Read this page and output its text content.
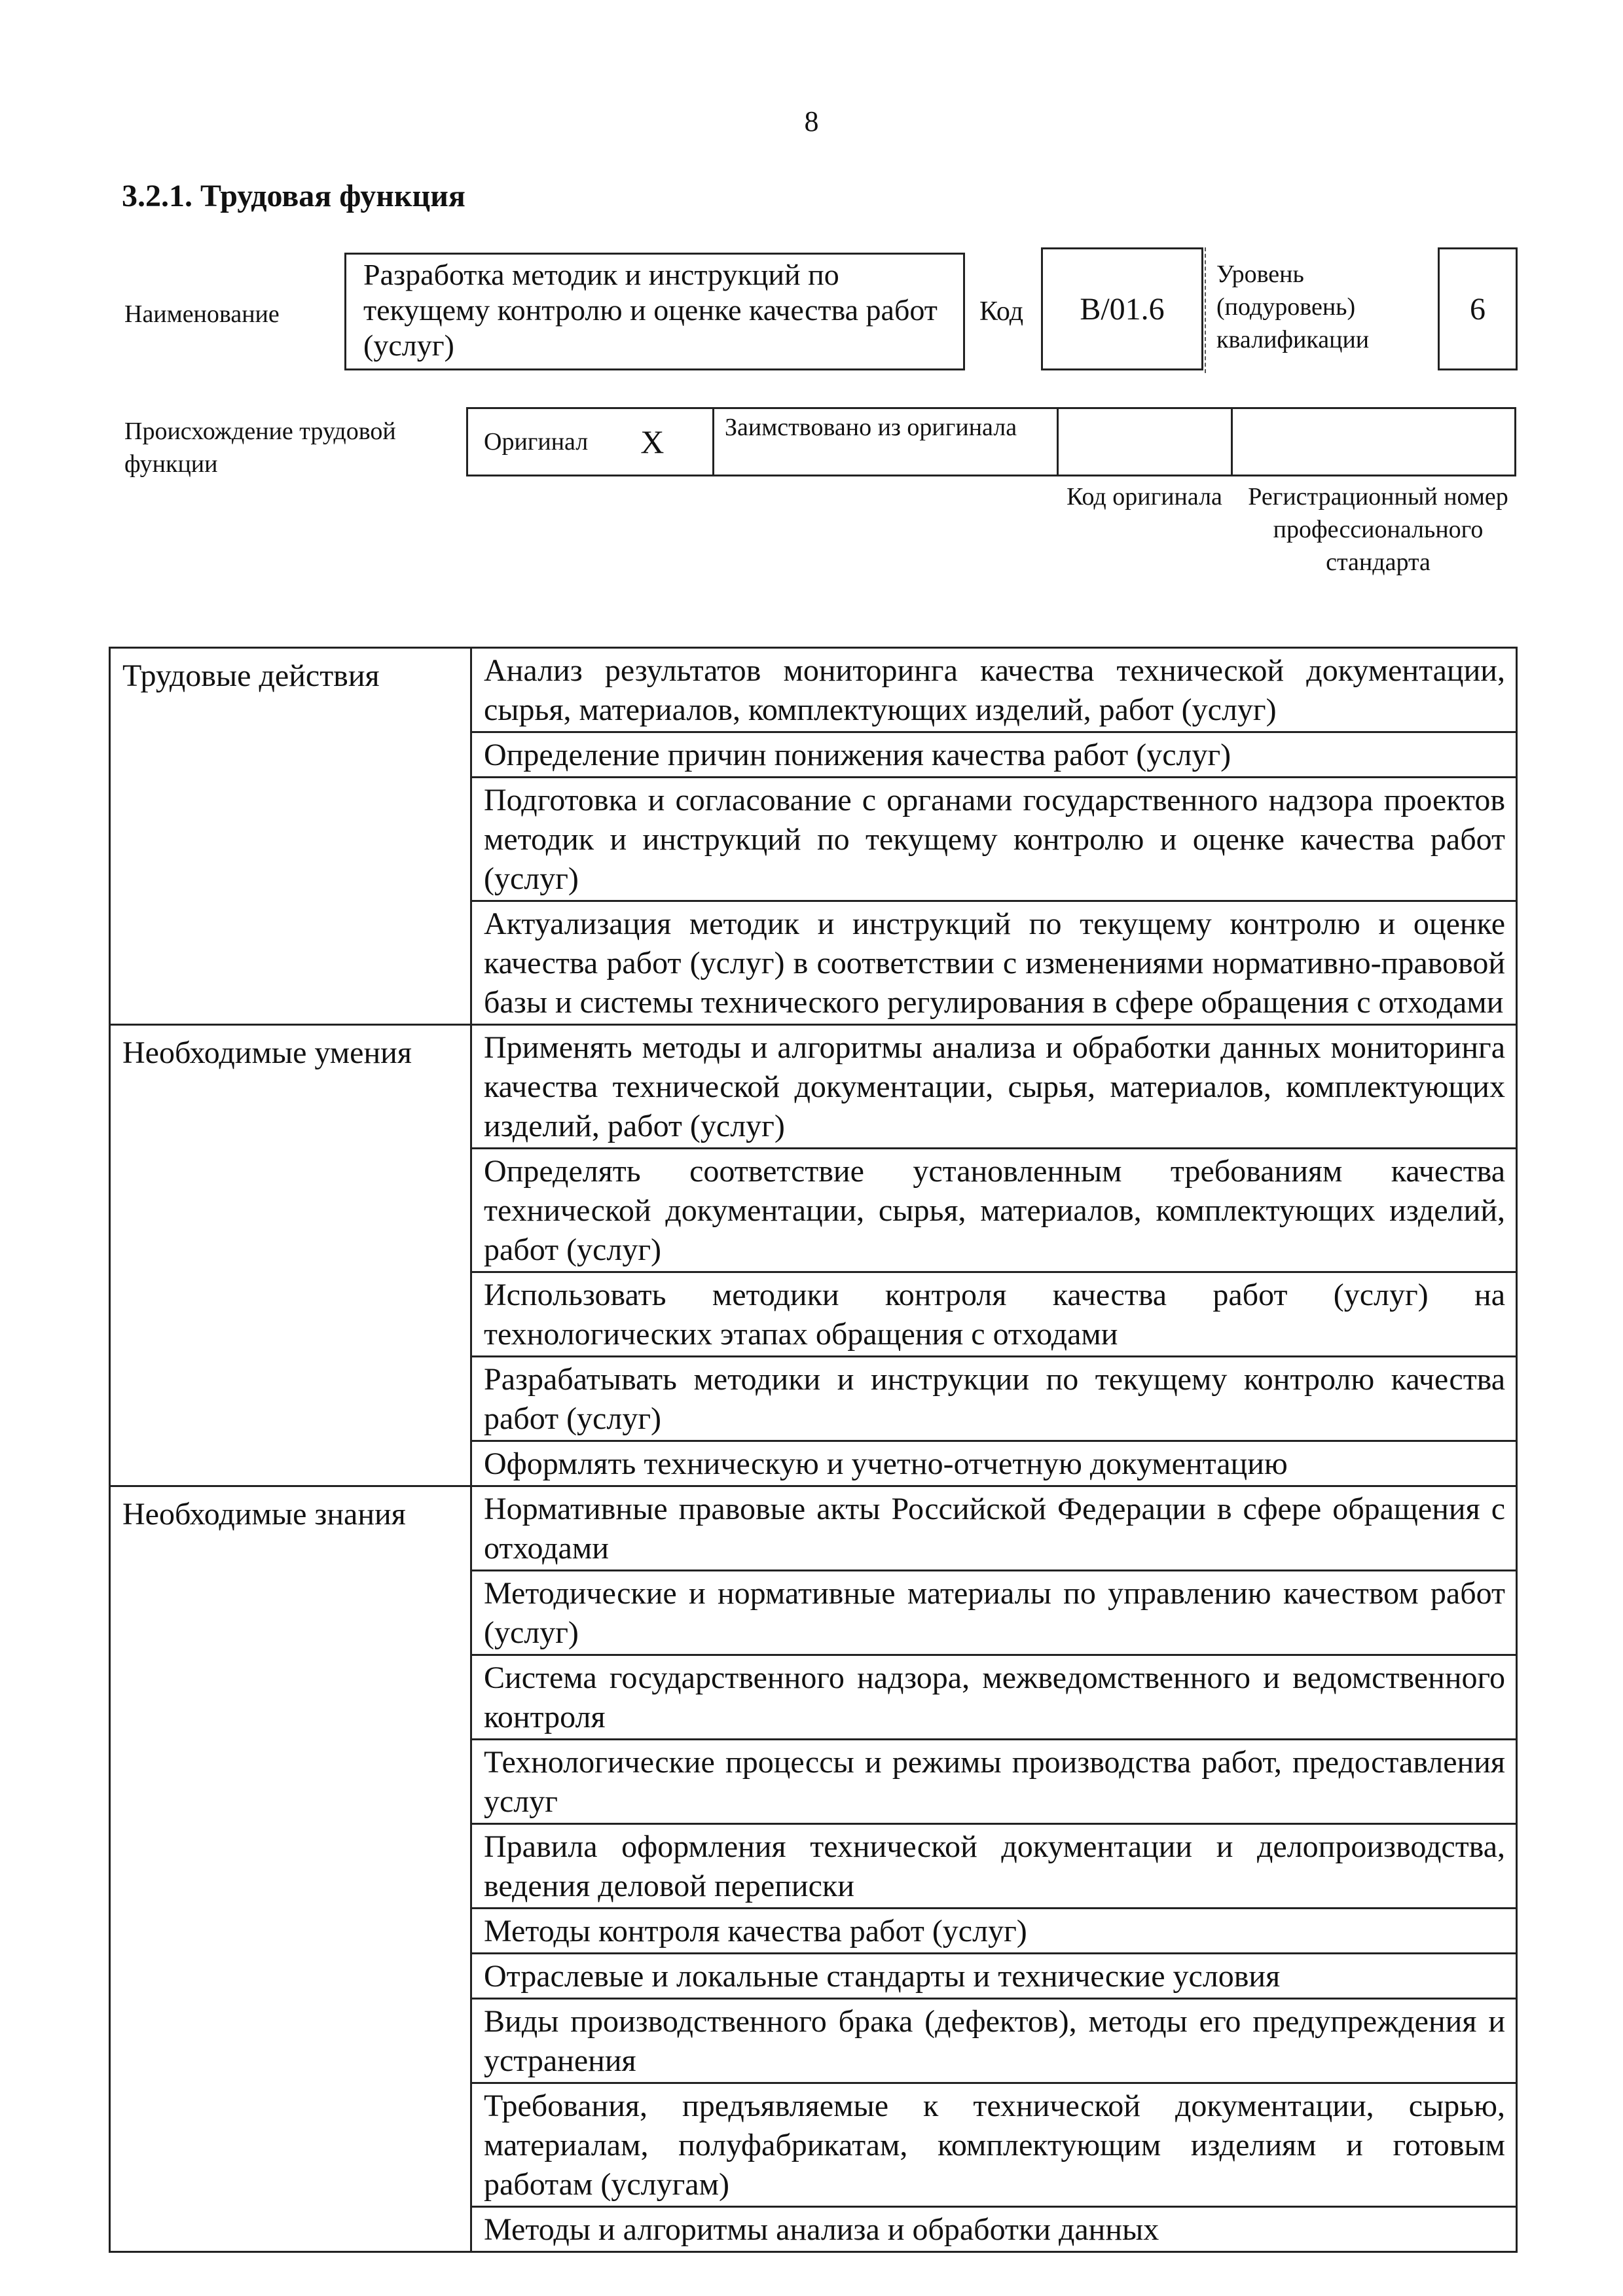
8
3.2.1. Трудовая функция
Наименование
Разработка методик и инструкций по текущему контролю и оценке качества работ (услуг)
Код	В/01.6
Уровень (подуровень) квалификации
6
Происхождение трудовой функции
Оригинал X	Заимствовано из оригинала
Код оригинала	Регистрационный номер профессионального стандарта
Трудовые действия	Анализ результатов мониторинга качества технической документации, сырья, материалов, комплектующих изделий, работ (услуг)
	Определение причин понижения качества работ (услуг)
	Подготовка и согласование с органами государственного надзора проектов методик и инструкций по текущему контролю и оценке качества работ (услуг)
	Актуализация методик и инструкций по текущему контролю и оценке качества работ (услуг) в соответствии с изменениями нормативно-правовой базы и системы технического регулирования в сфере обращения с отходами
Необходимые умения	Применять методы и алгоритмы анализа и обработки данных мониторинга качества технической документации, сырья, материалов, комплектующих изделий, работ (услуг)
	Определять соответствие установленным требованиям качества технической документации, сырья, материалов, комплектующих изделий, работ (услуг)
	Использовать методики контроля качества работ (услуг) на технологических этапах обращения с отходами
	Разрабатывать методики и инструкции по текущему контролю качества работ (услуг)
	Оформлять техническую и учетно-отчетную документацию
Необходимые знания	Нормативные правовые акты Российской Федерации в сфере обращения с отходами
	Методические и нормативные материалы по управлению качеством работ (услуг)
	Система государственного надзора, межведомственного и ведомственного контроля
	Технологические процессы и режимы производства работ, предоставления услуг
	Правила оформления технической документации и делопроизводства, ведения деловой переписки
	Методы контроля качества работ (услуг)
	Отраслевые и локальные стандарты и технические условия
	Виды производственного брака (дефектов), методы его предупреждения и устранения
	Требования, предъявляемые к технической документации, сырью, материалам, полуфабрикатам, комплектующим изделиям и готовым работам (услугам)
	Методы и алгоритмы анализа и обработки данных
